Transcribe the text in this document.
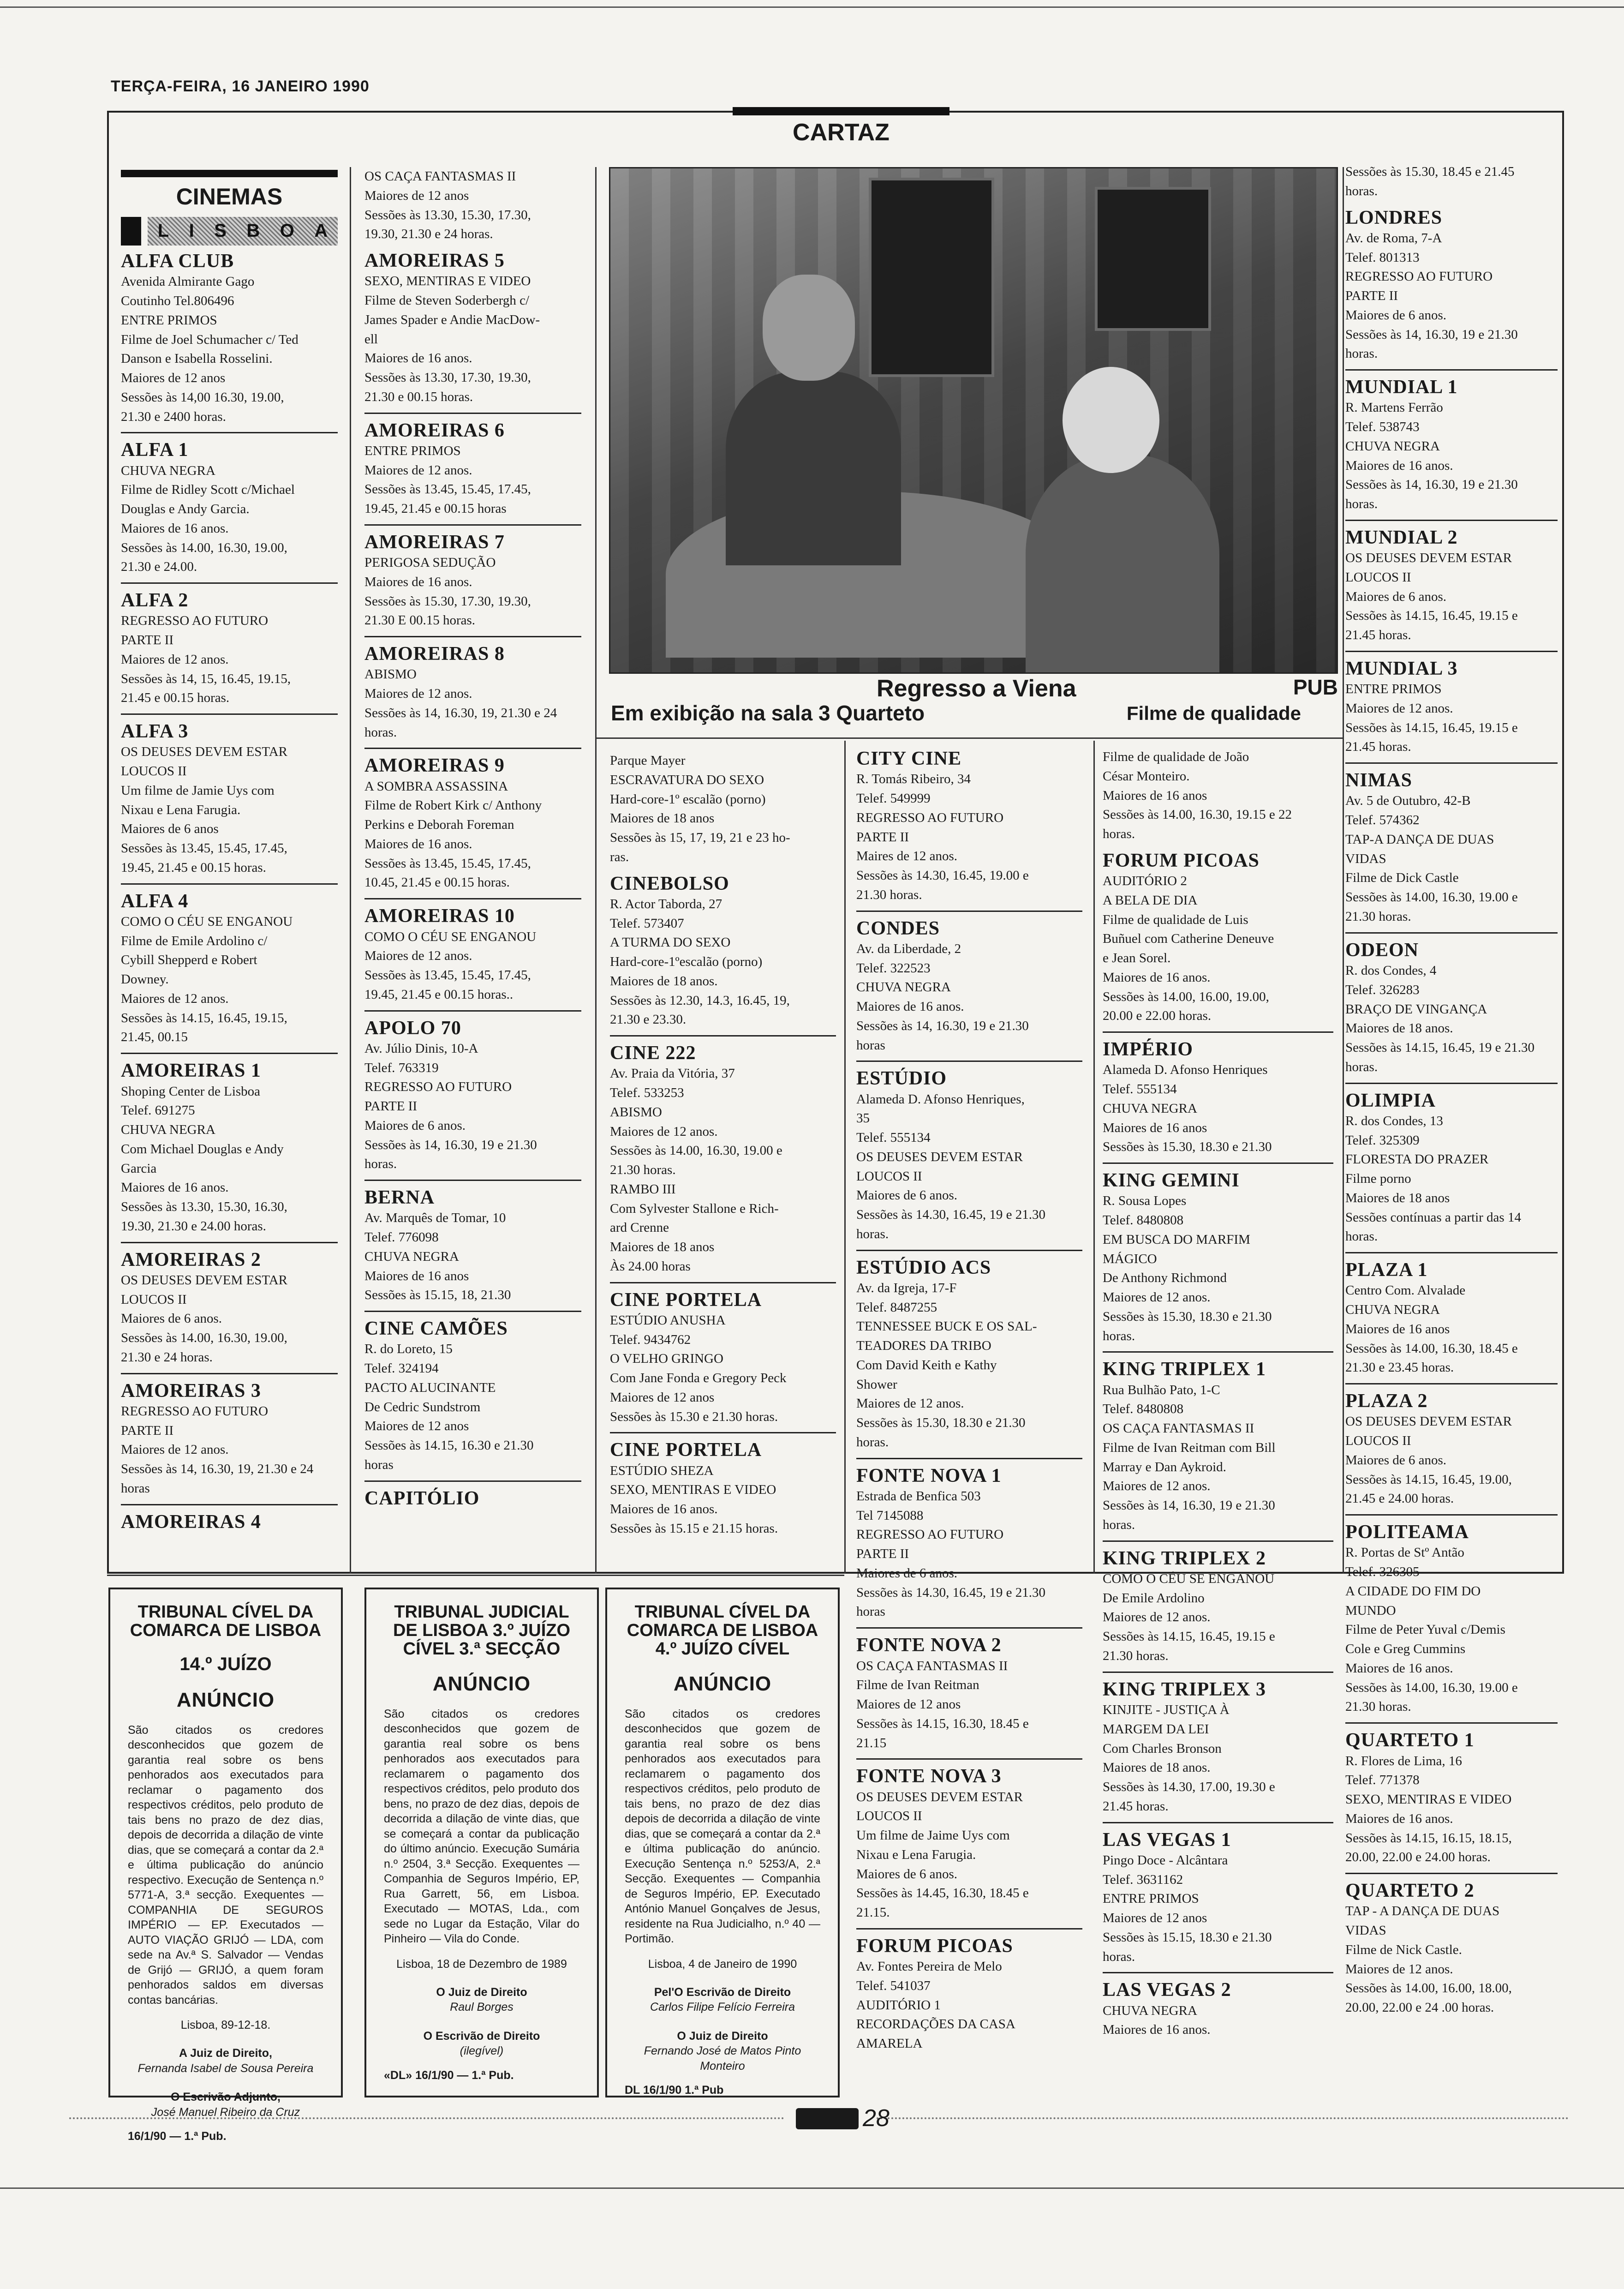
TERÇA-FEIRA, 16 JANEIRO 1990
CARTAZ
CINEMAS
L I S B O A
ALFA CLUB
Avenida Almirante Gago
Coutinho Tel.806496
ENTRE PRIMOS
Filme de Joel Schumacher c/ Ted
Danson e Isabella Rosselini.
Maiores de 12 anos
Sessões às 14,00 16.30, 19.00,
21.30 e 2400 horas.
ALFA 1
CHUVA NEGRA
Filme de Ridley Scott c/Michael
Douglas e Andy Garcia.
Maiores de 16 anos.
Sessões às 14.00, 16.30, 19.00,
21.30 e 24.00.
ALFA 2
REGRESSO AO FUTURO
PARTE II
Maiores de 12 anos.
Sessões às 14, 15, 16.45, 19.15,
21.45 e 00.15 horas.
ALFA 3
OS DEUSES DEVEM ESTAR
LOUCOS II
Um filme de Jamie Uys com
Nixau e Lena Farugia.
Maiores de 6 anos
Sessões às 13.45, 15.45, 17.45,
19.45, 21.45 e 00.15 horas.
ALFA 4
COMO O CÉU SE ENGANOU
Filme de Emile Ardolino c/
Cybill Shepperd e Robert
Downey.
Maiores de 12 anos.
Sessões às 14.15, 16.45, 19.15,
21.45, 00.15
AMOREIRAS 1
Shoping Center de Lisboa
Telef. 691275
CHUVA NEGRA
Com Michael Douglas e Andy
Garcia
Maiores de 16 anos.
Sessões às 13.30, 15.30, 16.30,
19.30, 21.30 e 24.00 horas.
AMOREIRAS 2
OS DEUSES DEVEM ESTAR
LOUCOS II
Maiores de 6 anos.
Sessões às 14.00, 16.30, 19.00,
21.30 e 24 horas.
AMOREIRAS 3
REGRESSO AO FUTURO
PARTE II
Maiores de 12 anos.
Sessões às 14, 16.30, 19, 21.30 e 24
horas
AMOREIRAS 4
OS CAÇA FANTASMAS II
Maiores de 12 anos
Sessões às 13.30, 15.30, 17.30,
19.30, 21.30 e 24 horas.
AMOREIRAS 5
SEXO, MENTIRAS E VIDEO
Filme de Steven Soderbergh c/
James Spader e Andie MacDow-
ell
Maiores de 16 anos.
Sessões às 13.30, 17.30, 19.30,
21.30 e 00.15 horas.
AMOREIRAS 6
ENTRE PRIMOS
Maiores de 12 anos.
Sessões às 13.45, 15.45, 17.45,
19.45, 21.45 e 00.15 horas
AMOREIRAS 7
PERIGOSA SEDUÇÃO
Maiores de 16 anos.
Sessões às 15.30, 17.30, 19.30,
21.30 E 00.15 horas.
AMOREIRAS 8
ABISMO
Maiores de 12 anos.
Sessões às 14, 16.30, 19, 21.30 e 24
horas.
AMOREIRAS 9
A SOMBRA ASSASSINA
Filme de Robert Kirk c/ Anthony
Perkins e Deborah Foreman
Maiores de 16 anos.
Sessões às 13.45, 15.45, 17.45,
10.45, 21.45 e 00.15 horas.
AMOREIRAS 10
COMO O CÉU SE ENGANOU
Maiores de 12 anos.
Sessões às 13.45, 15.45, 17.45,
19.45, 21.45 e 00.15 horas..
APOLO 70
Av. Júlio Dinis, 10-A
Telef. 763319
REGRESSO AO FUTURO
PARTE II
Maiores de 6 anos.
Sessões às 14, 16.30, 19 e 21.30
horas.
BERNA
Av. Marquês de Tomar, 10
Telef. 776098
CHUVA NEGRA
Maiores de 16 anos
Sessões às 15.15, 18, 21.30
CINE CAMÕES
R. do Loreto, 15
Telef. 324194
PACTO ALUCINANTE
De Cedric Sundstrom
Maiores de 12 anos
Sessões às 14.15, 16.30 e 21.30
horas
CAPITÓLIO
Regresso a Viena	PUB
Em exibição na sala 3 Quarteto	Filme de qualidade
Parque Mayer
ESCRAVATURA DO SEXO
Hard-core-1º escalão (porno)
Maiores de 18 anos
Sessões às 15, 17, 19, 21 e 23 ho-
ras.
CINEBOLSO
R. Actor Taborda, 27
Telef. 573407
A TURMA DO SEXO
Hard-core-1ºescalão (porno)
Maiores de 18 anos.
Sessões às 12.30, 14.3, 16.45, 19,
21.30 e 23.30.
CINE 222
Av. Praia da Vitória, 37
Telef. 533253
ABISMO
Maiores de 12 anos.
Sessões às 14.00, 16.30, 19.00 e
21.30 horas.
RAMBO III
Com Sylvester Stallone e Rich-
ard Crenne
Maiores de 18 anos
Às 24.00 horas
CINE PORTELA
ESTÚDIO ANUSHA
Telef. 9434762
O VELHO GRINGO
Com Jane Fonda e Gregory Peck
Maiores de 12 anos
Sessões às 15.30 e 21.30 horas.
CINE PORTELA
ESTÚDIO SHEZA
SEXO, MENTIRAS E VIDEO
Maiores de 16 anos.
Sessões às 15.15 e 21.15 horas.
CITY CINE
R. Tomás Ribeiro, 34
Telef. 549999
REGRESSO AO FUTURO
PARTE II
Maires de 12 anos.
Sessões às 14.30, 16.45, 19.00 e
21.30 horas.
CONDES
Av. da Liberdade, 2
Telef. 322523
CHUVA NEGRA
Maiores de 16 anos.
Sessões às 14, 16.30, 19 e 21.30
horas
ESTÚDIO
Alameda D. Afonso Henriques,
35
Telef. 555134
OS DEUSES DEVEM ESTAR
LOUCOS II
Maiores de 6 anos.
Sessões às 14.30, 16.45, 19 e 21.30
horas.
ESTÚDIO ACS
Av. da Igreja, 17-F
Telef. 8487255
TENNESSEE BUCK E OS SAL-
TEADORES DA TRIBO
Com David Keith e Kathy
Shower
Maiores de 12 anos.
Sessões às 15.30, 18.30 e 21.30
horas.
FONTE NOVA 1
Estrada de Benfica 503
Tel 7145088
REGRESSO AO FUTURO
PARTE II
Maiores de 6 anos.
Sessões às 14.30, 16.45, 19 e 21.30
horas
FONTE NOVA 2
OS CAÇA FANTASMAS II
Filme de Ivan Reitman
Maiores de 12 anos
Sessões às 14.15, 16.30, 18.45 e
21.15
FONTE NOVA 3
OS DEUSES DEVEM ESTAR
LOUCOS II
Um filme de Jaime Uys com
Nixau e Lena Farugia.
Maiores de 6 anos.
Sessões às 14.45, 16.30, 18.45 e
21.15.
FORUM PICOAS
Av. Fontes Pereira de Melo
Telef. 541037
AUDITÓRIO 1
RECORDAÇÕES DA CASA
AMARELA
Filme de qualidade de João
César Monteiro.
Maiores de 16 anos
Sessões às 14.00, 16.30, 19.15 e 22
horas.
FORUM PICOAS
AUDITÓRIO 2
A BELA DE DIA
Filme de qualidade de Luis
Buñuel com Catherine Deneuve
e Jean Sorel.
Maiores de 16 anos.
Sessões às 14.00, 16.00, 19.00,
20.00 e 22.00 horas.
IMPÉRIO
Alameda D. Afonso Henriques
Telef. 555134
CHUVA NEGRA
Maiores de 16 anos
Sessões às 15.30, 18.30 e 21.30
KING GEMINI
R. Sousa Lopes
Telef. 8480808
EM BUSCA DO MARFIM
MÁGICO
De Anthony Richmond
Maiores de 12 anos.
Sessões às 15.30, 18.30 e 21.30
horas.
KING TRIPLEX 1
Rua Bulhão Pato, 1-C
Telef. 8480808
OS CAÇA FANTASMAS II
Filme de Ivan Reitman com Bill
Marray e Dan Aykroid.
Maiores de 12 anos.
Sessões às 14, 16.30, 19 e 21.30
horas.
KING TRIPLEX 2
COMO O CÉU SE ENGANOU
De Emile Ardolino
Maiores de 12 anos.
Sessões às 14.15, 16.45, 19.15 e
21.30 horas.
KING TRIPLEX 3
KINJITE - JUSTIÇA À
MARGEM DA LEI
Com Charles Bronson
Maiores de 18 anos.
Sessões às 14.30, 17.00, 19.30 e
21.45 horas.
LAS VEGAS 1
Pingo Doce - Alcântara
Telef. 3631162
ENTRE PRIMOS
Maiores de 12 anos
Sessões às 15.15, 18.30 e 21.30
horas.
LAS VEGAS 2
CHUVA NEGRA
Maiores de 16 anos.
Sessões às 15.30, 18.45 e 21.45
horas.
LONDRES
Av. de Roma, 7-A
Telef. 801313
REGRESSO AO FUTURO
PARTE II
Maiores de 6 anos.
Sessões às 14, 16.30, 19 e 21.30
horas.
MUNDIAL 1
R. Martens Ferrão
Telef. 538743
CHUVA NEGRA
Maiores de 16 anos.
Sessões às 14, 16.30, 19 e 21.30
horas.
MUNDIAL 2
OS DEUSES DEVEM ESTAR
LOUCOS II
Maiores de 6 anos.
Sessões às 14.15, 16.45, 19.15 e
21.45 horas.
MUNDIAL 3
ENTRE PRIMOS
Maiores de 12 anos.
Sessões às 14.15, 16.45, 19.15 e
21.45 horas.
NIMAS
Av. 5 de Outubro, 42-B
Telef. 574362
TAP-A DANÇA DE DUAS
VIDAS
Filme de Dick Castle
Sessões às 14.00, 16.30, 19.00 e
21.30 horas.
ODEON
R. dos Condes, 4
Telef. 326283
BRAÇO DE VINGANÇA
Maiores de 18 anos.
Sessões às 14.15, 16.45, 19 e 21.30
horas.
OLIMPIA
R. dos Condes, 13
Telef. 325309
FLORESTA DO PRAZER
Filme porno
Maiores de 18 anos
Sessões contínuas a partir das 14
horas.
PLAZA 1
Centro Com. Alvalade
CHUVA NEGRA
Maiores de 16 anos
Sessões às 14.00, 16.30, 18.45 e
21.30 e 23.45 horas.
PLAZA 2
OS DEUSES DEVEM ESTAR
LOUCOS II
Maiores de 6 anos.
Sessões às 14.15, 16.45, 19.00,
21.45 e 24.00 horas.
POLITEAMA
R. Portas de Stº Antão
Telef. 326305
A CIDADE DO FIM DO
MUNDO
Filme de Peter Yuval c/Demis
Cole e Greg Cummins
Maiores de 16 anos.
Sessões às 14.00, 16.30, 19.00 e
21.30 horas.
QUARTETO 1
R. Flores de Lima, 16
Telef. 771378
SEXO, MENTIRAS E VIDEO
Maiores de 16 anos.
Sessões às 14.15, 16.15, 18.15,
20.00, 22.00 e 24.00 horas.
QUARTETO 2
TAP - A DANÇA DE DUAS
VIDAS
Filme de Nick Castle.
Maiores de 12 anos.
Sessões às 14.00, 16.00, 18.00,
20.00, 22.00 e 24 .00 horas.
TRIBUNAL CÍVEL DA COMARCA DE LISBOA
14.º JUÍZO
ANÚNCIO
São citados os credores desconhecidos que gozem de garantia real sobre os bens penhorados aos executados para reclamar o pagamento dos respectivos créditos, pelo produto de tais bens no prazo de dez dias, depois de decorrida a dilação de vinte dias, que se começará a contar da 2.ª e última publicação do anúncio respectivo. Execução de Sentença n.º 5771-A, 3.ª secção. Exequentes — COMPANHIA DE SEGUROS IMPÉRIO — EP. Executados — AUTO VIAÇÃO GRIJÓ — LDA, com sede na Av.ª S. Salvador — Vendas de Grijó — GRIJÓ, a quem foram penhorados saldos em diversas contas bancárias.
Lisboa, 89-12-18.
A Juiz de Direito,
Fernanda Isabel de Sousa Pereira
O Escrivão Adjunto,
José Manuel Ribeiro da Cruz
16/1/90 — 1.ª Pub.
TRIBUNAL JUDICIAL DE LISBOA 3.º JUÍZO CÍVEL 3.ª SECÇÃO
ANÚNCIO
São citados os credores desconhecidos que gozem de garantia real sobre os bens penhorados aos executados para reclamarem o pagamento dos respectivos créditos, pelo produto dos bens, no prazo de dez dias, depois de decorrida a dilação de vinte dias, que se começará a contar da publicação do último anúncio. Execução Sumária n.º 2504, 3.ª Secção. Exequentes — Companhia de Seguros Império, EP, Rua Garrett, 56, em Lisboa. Executado — MOTAS, Lda., com sede no Lugar da Estação, Vilar do Pinheiro — Vila do Conde.
Lisboa, 18 de Dezembro de 1989
O Juiz de Direito
Raul Borges
O Escrivão de Direito
(ilegível)
«DL» 16/1/90 — 1.ª Pub.
TRIBUNAL CÍVEL DA COMARCA DE LISBOA 4.º JUÍZO CÍVEL
ANÚNCIO
São citados os credores desconhecidos que gozem de garantia real sobre os bens penhorados aos executados para reclamarem o pagamento dos respectivos créditos, pelo produto de tais bens, no prazo de dez dias depois de decorrida a dilação de vinte dias, que se começará a contar da 2.ª e última publicação do anúncio. Execução Sentença n.º 5253/A, 2.ª Secção. Exequentes — Companhia de Seguros Império, EP. Executado António Manuel Gonçalves de Jesus, residente na Rua Judicialho, n.º 40 — Portimão.
Lisboa, 4 de Janeiro de 1990
Pel'O Escrivão de Direito
Carlos Filipe Felício Ferreira
O Juiz de Direito
Fernando José de Matos Pinto Monteiro
DL 16/1/90 1.ª Pub
28
